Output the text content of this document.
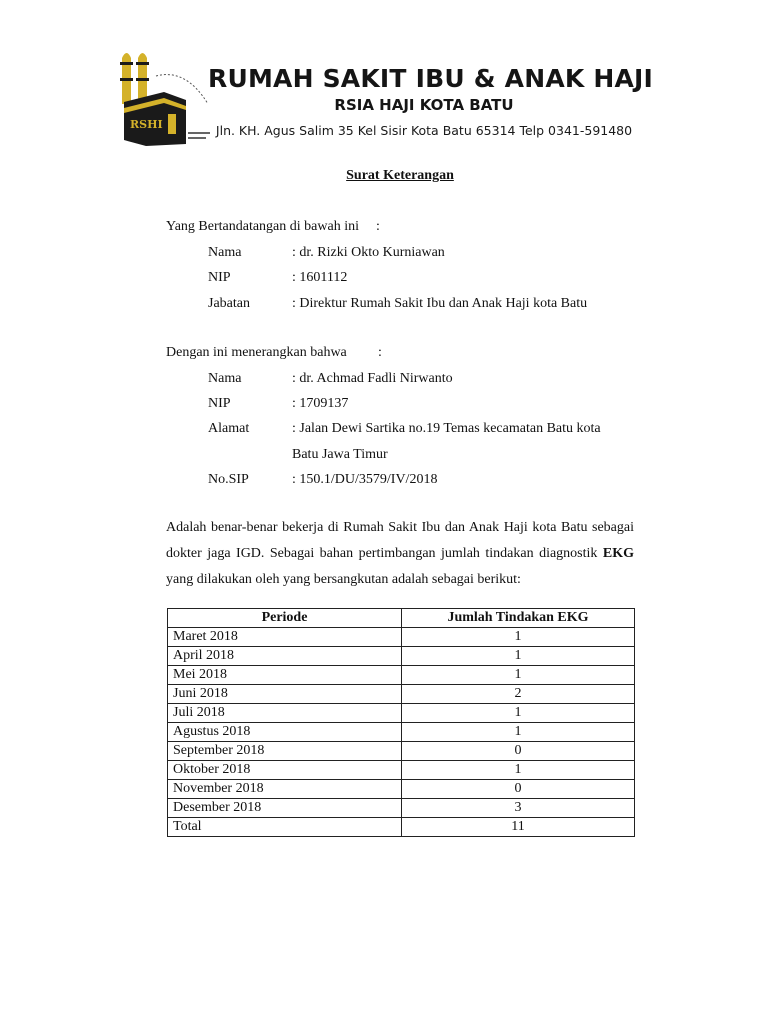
RSHI
RUMAH SAKIT IBU & ANAK HAJI
RSIA HAJI KOTA BATU
Jln. KH. Agus Salim 35 Kel Sisir Kota Batu 65314 Telp 0341-591480
Surat Keterangan
Yang Bertandatangan di bawah ini :
Nama	: dr. Rizki Okto Kurniawan
NIP	: 1601112
Jabatan	: Direktur Rumah Sakit Ibu dan Anak Haji kota Batu
Dengan ini menerangkan bahwa :
Nama	: dr. Achmad Fadli Nirwanto
NIP	: 1709137
Alamat	: Jalan Dewi Sartika no.19 Temas kecamatan Batu kota
Batu Jawa Timur
No.SIP	: 150.1/DU/3579/IV/2018
Adalah benar-benar bekerja di Rumah Sakit Ibu dan Anak Haji kota Batu sebagai dokter jaga IGD. Sebagai bahan pertimbangan jumlah tindakan diagnostik EKG yang dilakukan oleh yang bersangkutan adalah sebagai berikut:
Periode	Jumlah Tindakan EKG
Maret 2018	1
April 2018	1
Mei 2018	1
Juni 2018	2
Juli 2018	1
Agustus 2018	1
September 2018	0
Oktober 2018	1
November 2018	0
Desember 2018	3
Total	11
